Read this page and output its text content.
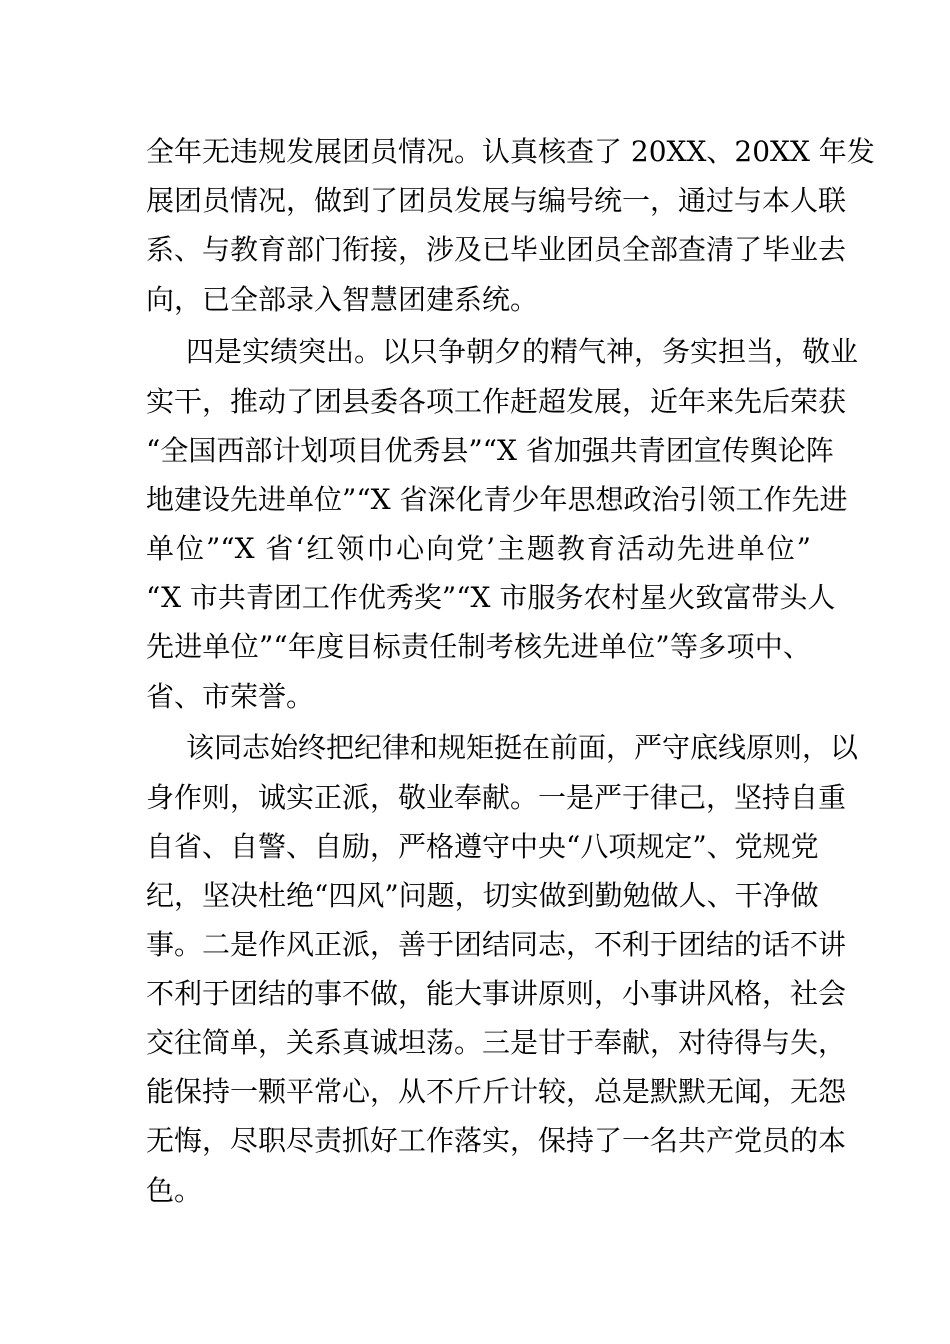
全年无违规发展团员情况。认真核查了 20XX、20XX 年发
展团员情况，做到了团员发展与编号统一，通过与本人联
系、与教育部门衔接，涉及已毕业团员全部查清了毕业去
向，已全部录入智慧团建系统。
四是实绩突出。以只争朝夕的精气神，务实担当，敬业
实干，推动了团县委各项工作赶超发展，近年来先后荣获
“全国西部计划项目优秀县”“X 省加强共青团宣传舆论阵
地建设先进单位”“X 省深化青少年思想政治引领工作先进
单位”“X 省‘红领巾心向党’主题教育活动先进单位”
“X 市共青团工作优秀奖”“X 市服务农村星火致富带头人
先进单位”“年度目标责任制考核先进单位”等多项中、
省、市荣誉。
该同志始终把纪律和规矩挺在前面，严守底线原则，以
身作则，诚实正派，敬业奉献。一是严于律己，坚持自重
自省、自警、自励，严格遵守中央“八项规定”、党规党
纪，坚决杜绝“四风”问题，切实做到勤勉做人、干净做
事。二是作风正派，善于团结同志，不利于团结的话不讲
不利于团结的事不做，能大事讲原则，小事讲风格，社会
交往简单，关系真诚坦荡。三是甘于奉献，对待得与失，
能保持一颗平常心，从不斤斤计较，总是默默无闻，无怨
无悔，尽职尽责抓好工作落实，保持了一名共产党员的本
色。
